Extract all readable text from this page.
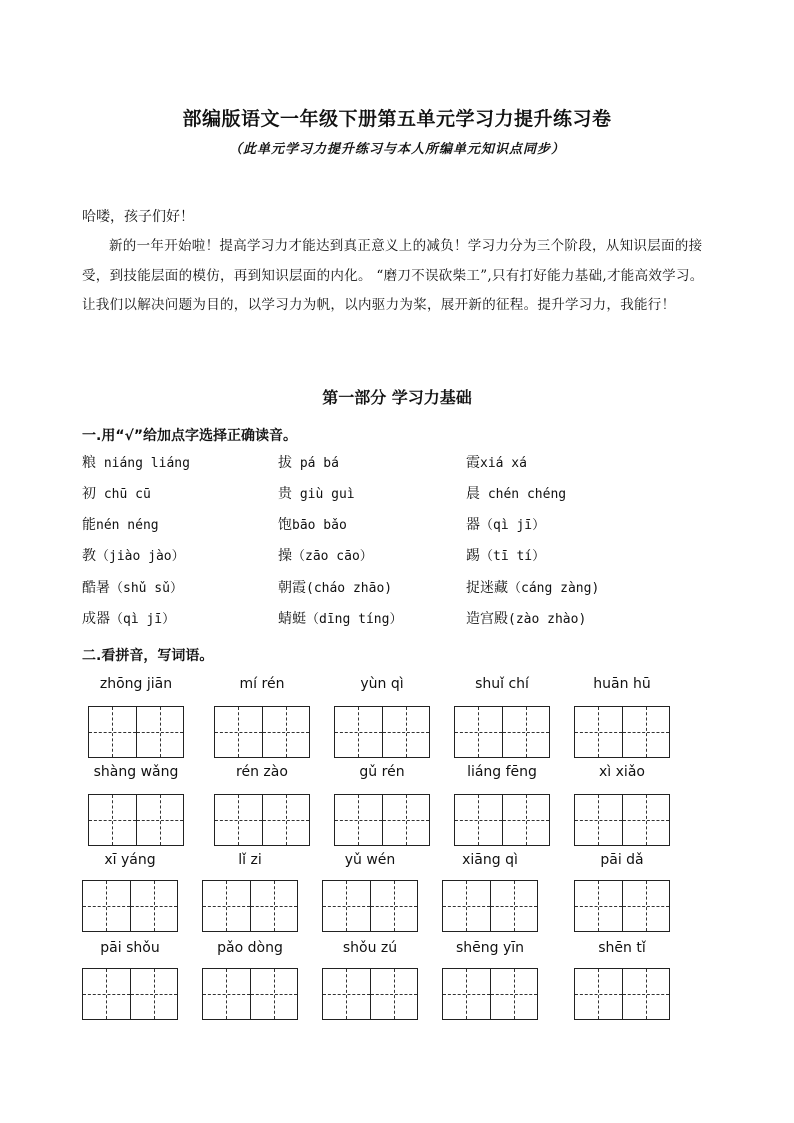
部编版语文一年级下册第五单元学习力提升练习卷
（此单元学习力提升练习与本人所编单元知识点同步）
哈喽，孩子们好！
新的一年开始啦！提高学习力才能达到真正意义上的减负！学习力分为三个阶段，从知识层面的接受，到技能层面的模仿，再到知识层面的内化。 “磨刀不误砍柴工”,只有打好能力基础,才能高效学习。让我们以解决问题为目的，以学习力为帆，以内驱力为桨，展开新的征程。提升学习力，我能行！
第一部分 学习力基础
一.用“√”给加点字选择正确读音。
粮 niáng liáng	拔 pá bá	霞xiá xá
初 chū cū	贵 giù guì	晨 chén chéng
能nén néng	饱bāo bǎo	器（qì jī）
教（jiào jào）	操（zāo cāo）	踢（tī tí）
酷暑（shǔ sǔ）	朝霞(cháo zhāo)	捉迷藏（cáng zàng)
成器（qì jī）	蜻蜓（dīng tíng）	造宫殿(zào zhào)
二.看拼音，写词语。
zhōng jiān	mí rén	yùn qì	shuǐ chí	huān hū
shàng wǎng	rén zào	gǔ rén	liáng fēng	xì xiǎo
xī yáng	lǐ zi	yǔ wén	xiāng qì	pāi dǎ
pāi shǒu	pǎo dòng	shǒu zú	shēng yīn	shēn tǐ
